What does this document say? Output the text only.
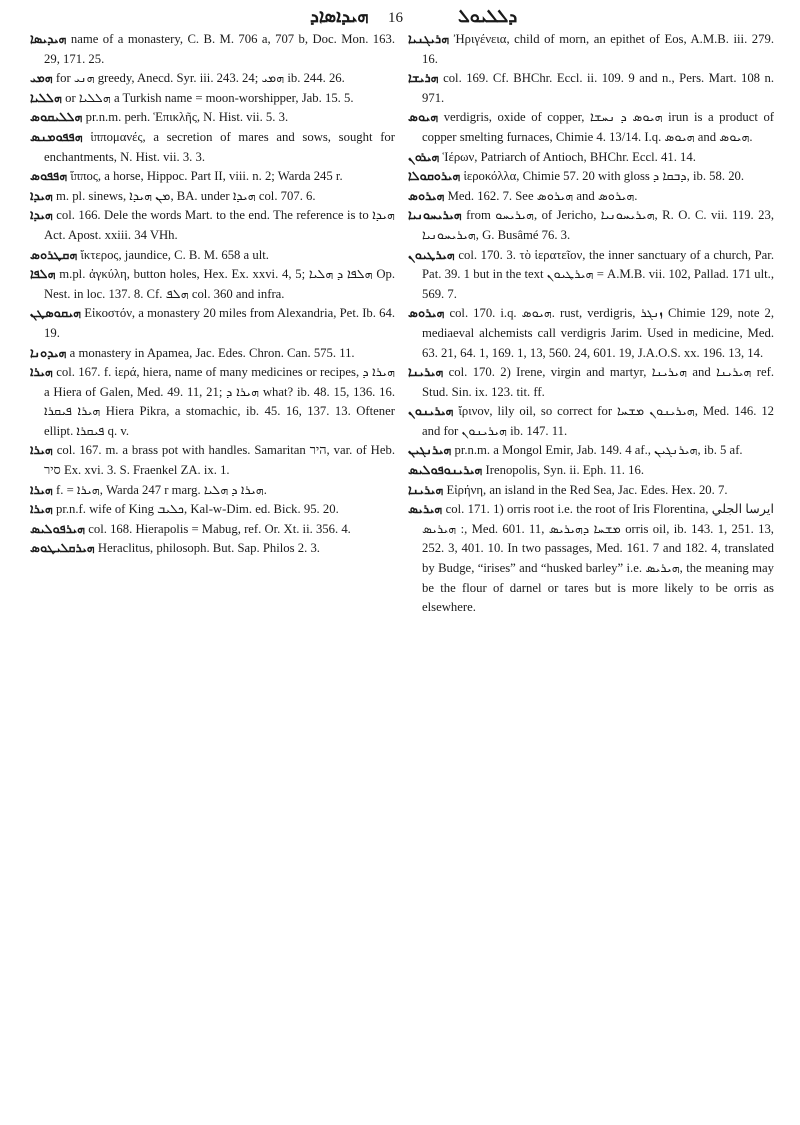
ܗܝܕܐܣܐܕ 16	ܕܠܠܝܘܠ

ܗܝܕܝܣܐ name of a monastery, C. B. M. 706 a, 707 b, Doc. Mon. 163. 29, 171. 25.

ܗܡܝ for ܗܢܝ greedy, Anecd. Syr. iii. 243. 24; ܗܡܝ ib. 244. 26.

ܗܠܠܝܐ or ܗܠܠܝܐ a Turkish name = moon-worshipper, Jab. 15. 5.

ܗܠܠܝܩܘܣ pr.n.m. perh. Ἑπικλῆς, N. Hist. vii. 5. 3.

ܗܦܦܘܡܢܣ ἱππομανές, a secretion of mares and sows, sought for enchantments, N. Hist. vii. 3. 3.

ܗܦܦܘܣ ἵππος, a horse, Hippoc. Part II, viii. n. 2; Warda 245 r.

ܗܝܕܐ m. pl. sinews, ܡܢ ܗܝܕܐ, BA. under ܗܝܕܐ col. 707. 6.

ܗܝܕܐ col. 166. Dele the words Mart. to the end. The reference is to ܗܝܕܐ Act. Apost. xxiii. 34 VHh.

ܗܩܛܪܘܣ ἴκτερος, jaundice, C. B. M. 658 a ult.

ܗܠܦܐ m.pl. ἀγκύλη, button holes, Hex. Ex. xxvi. 4, 5; ܗܠܦܐ ܕ ܗܠܝܐ Op. Nest. in loc. 137. 8. Cf. ܗܠܦ col. 360 and infra.

ܗܝܩܘܣܛܢ Εἰκοστόν, a monastery 20 miles from Alexandria, Pet. Ib. 64. 19.

ܗܝܕܘܢܐ a monastery in Apamea, Jac. Edes. Chron. Can. 575. 11.

ܗܝܪܐ col. 167. f. ἱερά, hiera, name of many medicines or recipes, ܗܝܪܐ ܕ a Hiera of Galen, Med. 49. 11, 21; ܗܝܪܐ ܕ what? ib. 48. 15, 136. 16. ܗܝܪܐ ܦܝܩܪܐ Hiera Pikra, a stomachic, ib. 45. 16, 137. 13. Oftener ellipt. ܦܝܩܪܐ q. v.

ܗܝܪܐ col. 167. m. a brass pot with handles. Samaritan היר, var. of Heb. סיר Ex. xvi. 3. S. Fraenkel ZA. ix. 1.

ܗܝܪܐ f. = ܗܝܪܐ, Warda 247 r marg. ܗܝܪܐ ܕ ܗܠܝܐ.

ܗܝܪܐ pr.n.f. wife of King ܟܠܝܒ, Kal-w-Dim. ed. Bick. 95. 20.

ܗܝܪܦܘܠܝܣ col. 168. Hierapolis = Mabug, ref. Or. Xt. ii. 356. 4.

ܗܝܪܩܠܝܛܘܣ Heraclitus, philosoph. But. Sap. Philos 2. 3.

ܗܪܝܓܢܝܐ Ἠριγένεια, child of morn, an epithet of Eos, A.M.B. iii. 279. 16.

ܗܪܝܫܐ col. 169. Cf. BHChr. Eccl. ii. 109. 9 and n., Pers. Mart. 108 n. 971.

ܗܝܘܣ verdigris, oxide of copper, ܗܝܘܣ ܕ ܢܚܫܐ irun is a product of copper smelting furnaces, Chimie 4. 13/14. I.q. ܗܝܘܣ and ܗܝܘܣ.

ܗܝܪܘܢ Ἱέρων, Patriarch of Antioch, BHChr. Eccl. 41. 14.

ܗܝܪܘܩܘܠܐ ἱεροκόλλα, Chimie 57. 20 with gloss ܕܒܩܐ ܕ, ib. 58. 20.

ܗܝܪܘܣ Med. 162. 7. See ܗܝܪܘܣ and ܗܝܪܘܣ.

ܗܝܪܝܚܘܢܝܐ from ܗܝܪܝܚܘ, of Jericho, ܗܝܪܝܚܘܢܝܐ, R. O. C. vii. 119. 23, ܗܝܪܝܚܘܢܝܐ, G. Busâmé 76. 3.

ܗܝܪܛܝܘܢ col. 170. 3. τὸ ἱερατεῖον, the inner sanctuary of a church, Par. Pat. 39. 1 but in the text ܗܝܪܛܝܘܢ = A.M.B. vii. 102, Pallad. 171 ult., 569. 7.

ܗܝܪܘܣ col. 170. i.q. ܗܝܘܣ. rust, verdigris, ܙܢܓܪ Chimie 129, note 2, mediaeval alchemists call verdigris Jarim. Used in medicine, Med. 63. 21, 64. 1, 169. 1, 13, 560. 24, 601. 19, J.A.O.S. xx. 196. 13, 14.

ܗܝܪܝܢܐ col. 170. 2) Irene, virgin and martyr, ܗܝܪܝܢܐ and ܗܝܪܝܢܐ ref. Stud. Sin. ix. 123. tit. ff.

ܗܝܪܝܢܘܢ ἴρινον, lily oil, so correct for ܗܝܪܝܢܘܢ ܡܫܚܐ, Med. 146. 12 and for ܗܝܪܝܢܘܢ ib. 147. 11.

ܗܝܪܢܓܝܢ pr.n.m. a Mongol Emir, Jab. 149. 4 af., ܗܝܪܢܓܝܢ, ib. 5 af.

ܗܝܪܝܢܘܦܘܠܝܣ Irenopolis, Syn. ii. Eph. 11. 16.

ܗܝܪܝܢܐ Εἰρήνη, an island in the Red Sea, Jac. Edes. Hex. 20. 7.

ܗܝܪܝܣ col. 171. 1) orris root i.e. the root of Iris Florentina, ايرسا الجلي : ܗܝܪܝܣ, Med. 601. 11, ܡܫܚܐ ܕܗܝܪܝܣ orris oil, ib. 143. 1, 251. 13, 252. 3, 401. 10. In two passages, Med. 161. 7 and 182. 4, translated by Budge, “irises” and “husked barley” i.e. ܗܝܪܝܣ, the meaning may be the flour of darnel or tares but is more likely to be orris as elsewhere.
